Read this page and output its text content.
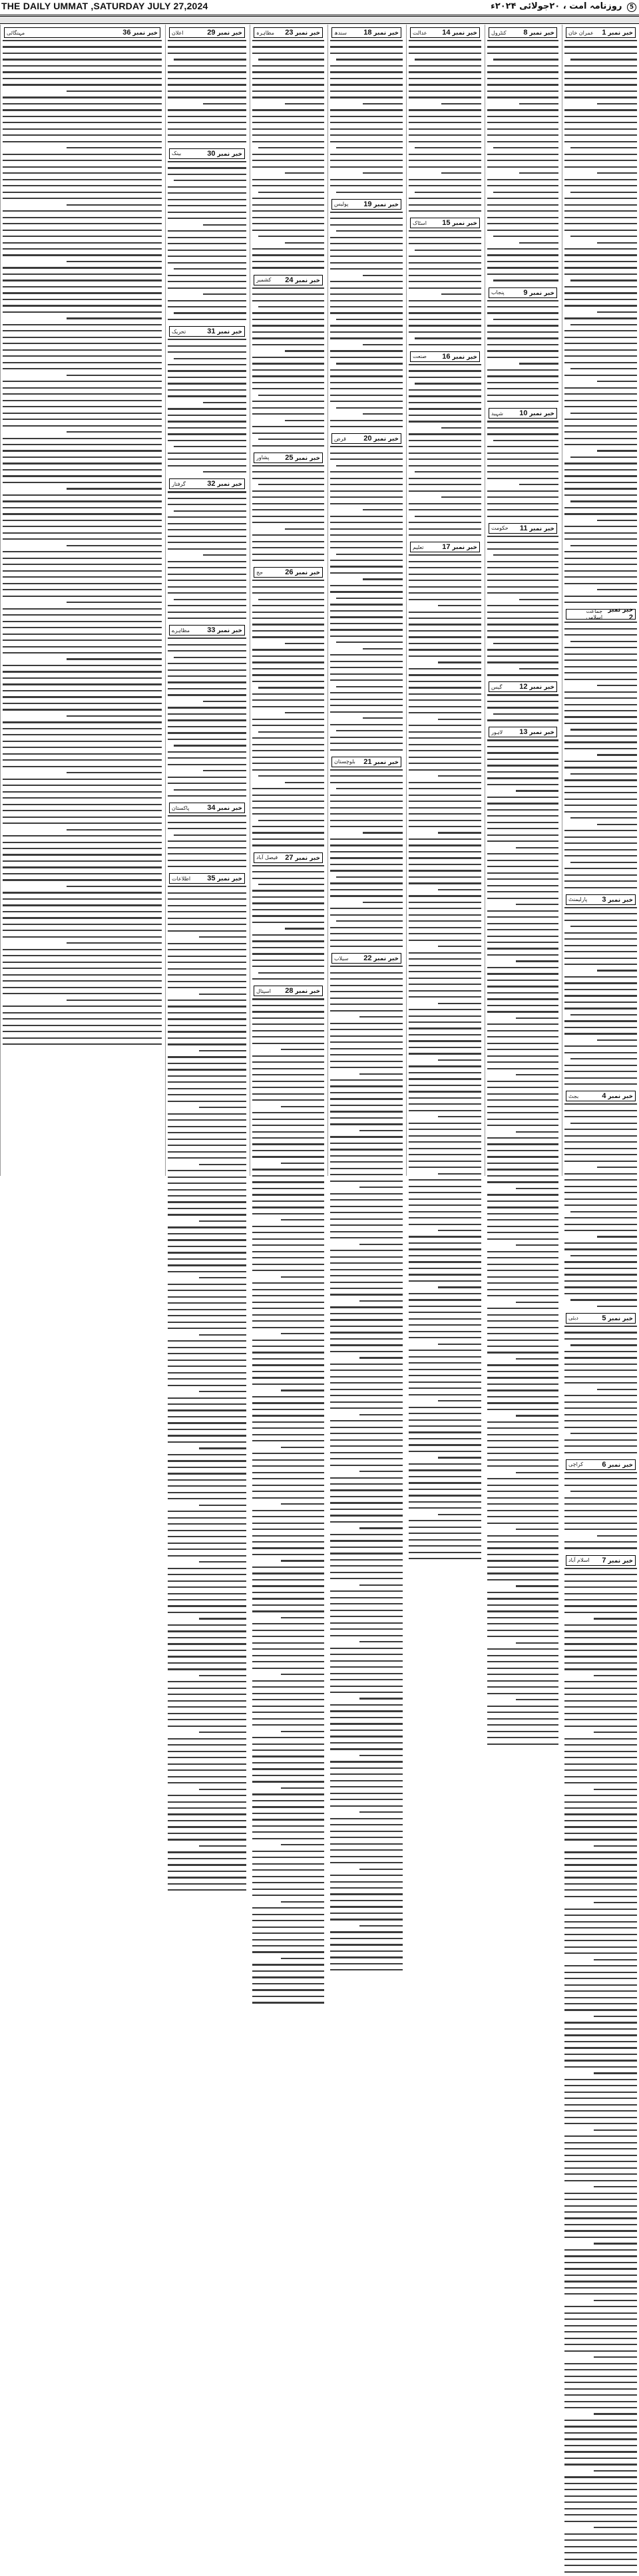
THE DAILY UMMAT ,SATURDAY JULY 27,2024	5 روزنامہ امت ، ۲۰جولائی ۲۰۲۴ء
خبر نمبر 1
عمران خان
خبر نمبر 2
جماعت اسلامی
خبر نمبر 3
پارلیمنٹ
خبر نمبر 4
بجٹ
خبر نمبر 5
دبئی
خبر نمبر 6
کراچی
خبر نمبر 7
اسلام آباد
خبر نمبر 8
کنٹرول
خبر نمبر 9
پنجاب
خبر نمبر 10
شہید
خبر نمبر 11
حکومت
خبر نمبر 12
گیس
خبر نمبر 13
لاہور
خبر نمبر 14
عدالت
خبر نمبر 15
اسٹاک
خبر نمبر 16
صنعت
خبر نمبر 17
تعلیم
خبر نمبر 18
سندھ
خبر نمبر 19
پولیس
خبر نمبر 20
قرض
خبر نمبر 21
بلوچستان
خبر نمبر 22
سیلاب
خبر نمبر 23
مظاہرہ
خبر نمبر 24
کشمیر
خبر نمبر 25
پشاور
خبر نمبر 26
حج
خبر نمبر 27
فیصل آباد
خبر نمبر 28
اسپتال
خبر نمبر 29
اعلان
خبر نمبر 30
بینک
خبر نمبر 31
تحریک
خبر نمبر 32
گرفتار
خبر نمبر 33
مظاہرے
خبر نمبر 34
پاکستان
خبر نمبر 35
اطلاعات
خبر نمبر 36
مہنگائی
